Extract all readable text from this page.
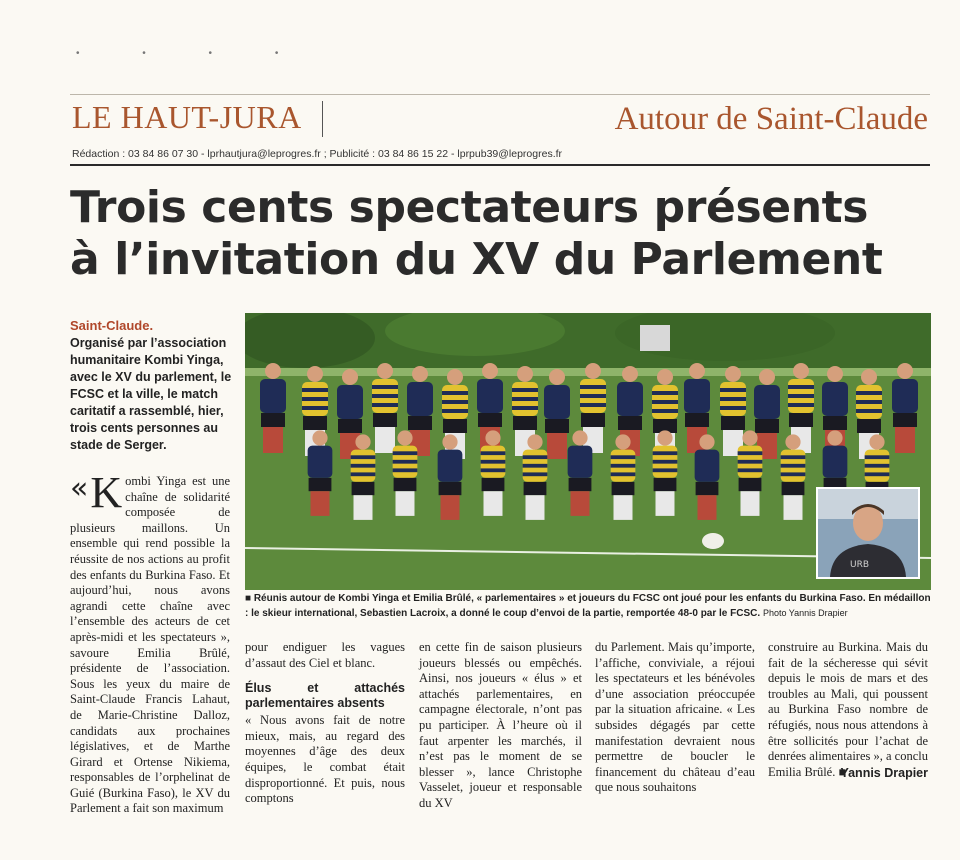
• • • •
LE HAUT-JURA	Autour de Saint-Claude
Rédaction : 03 84 86 07 30 - lprhautjura@leprogres.fr ; Publicité : 03 84 86 15 22 - lprpub39@leprogres.fr
Trois cents spectateurs présents
à l’invitation du XV du Parlement
Saint-Claude.
Organisé par l’association humanitaire Kombi Yinga, avec le XV du parlement, le FCSC et la ville, le match caritatif a rassemblé, hier, trois cents personnes au stade de Serger.

« K ombi Yinga est une chaîne de solidarité composée de plusieurs maillons. Un ensemble qui rend possible la réussite de nos actions au profit des enfants du Burkina Faso. Et aujourd’hui, nous avons agrandi cette chaîne avec l’ensemble des acteurs de cet après-midi et les spectateurs », savoure Emilia Brûlé, présidente de l’association. Sous les yeux du maire de Saint-Claude Francis Lahaut, de Marie-Christine Dalloz, candidats aux prochaines législatives, et de Marthe Girard et Ortense Nikiema, responsables de l’orphelinat de Guié (Burkina Faso), le XV du Parlement a fait son maximum

pour endiguer les vagues d’assaut des Ciel et blanc.

Élus et attachés parlementaires absents

« Nous avons fait de notre mieux, mais, au regard des moyennes d’âge des deux équipes, le combat était disproportionné. Et puis, nous comptons

en cette fin de saison plusieurs joueurs blessés ou empêchés. Ainsi, nos joueurs « élus » et attachés parlementaires, en campagne électorale, n’ont pas pu participer. À l’heure où il faut arpenter les marchés, il n’est pas le moment de se blesser », lance Christophe Vasselet, joueur et responsable du XV

du Parlement. Mais qu’importe, l’affiche, conviviale, a réjoui les spectateurs et les bénévoles d’une association préoccupée par la situation africaine. « Les subsides dégagés par cette manifestation devraient nous permettre de boucler le financement du château d’eau que nous souhaitons

construire au Burkina. Mais du fait de la sécheresse qui sévit depuis le mois de mars et des troubles au Mali, qui poussent au Burkina Faso nombre de réfugiés, nous nous attendons à être sollicités pour l’achat de denrées alimentaires », a conclu Emilia Brûlé. ■

Yannis Drapier
URB
■ Réunis autour de Kombi Yinga et Emilia Brûlé, « parlementaires » et joueurs du FCSC ont joué pour les enfants du Burkina Faso. En médaillon : le skieur international, Sebastien Lacroix, a donné le coup d’envoi de la partie, remportée 48-0 par le FCSC. Photo Yannis Drapier
